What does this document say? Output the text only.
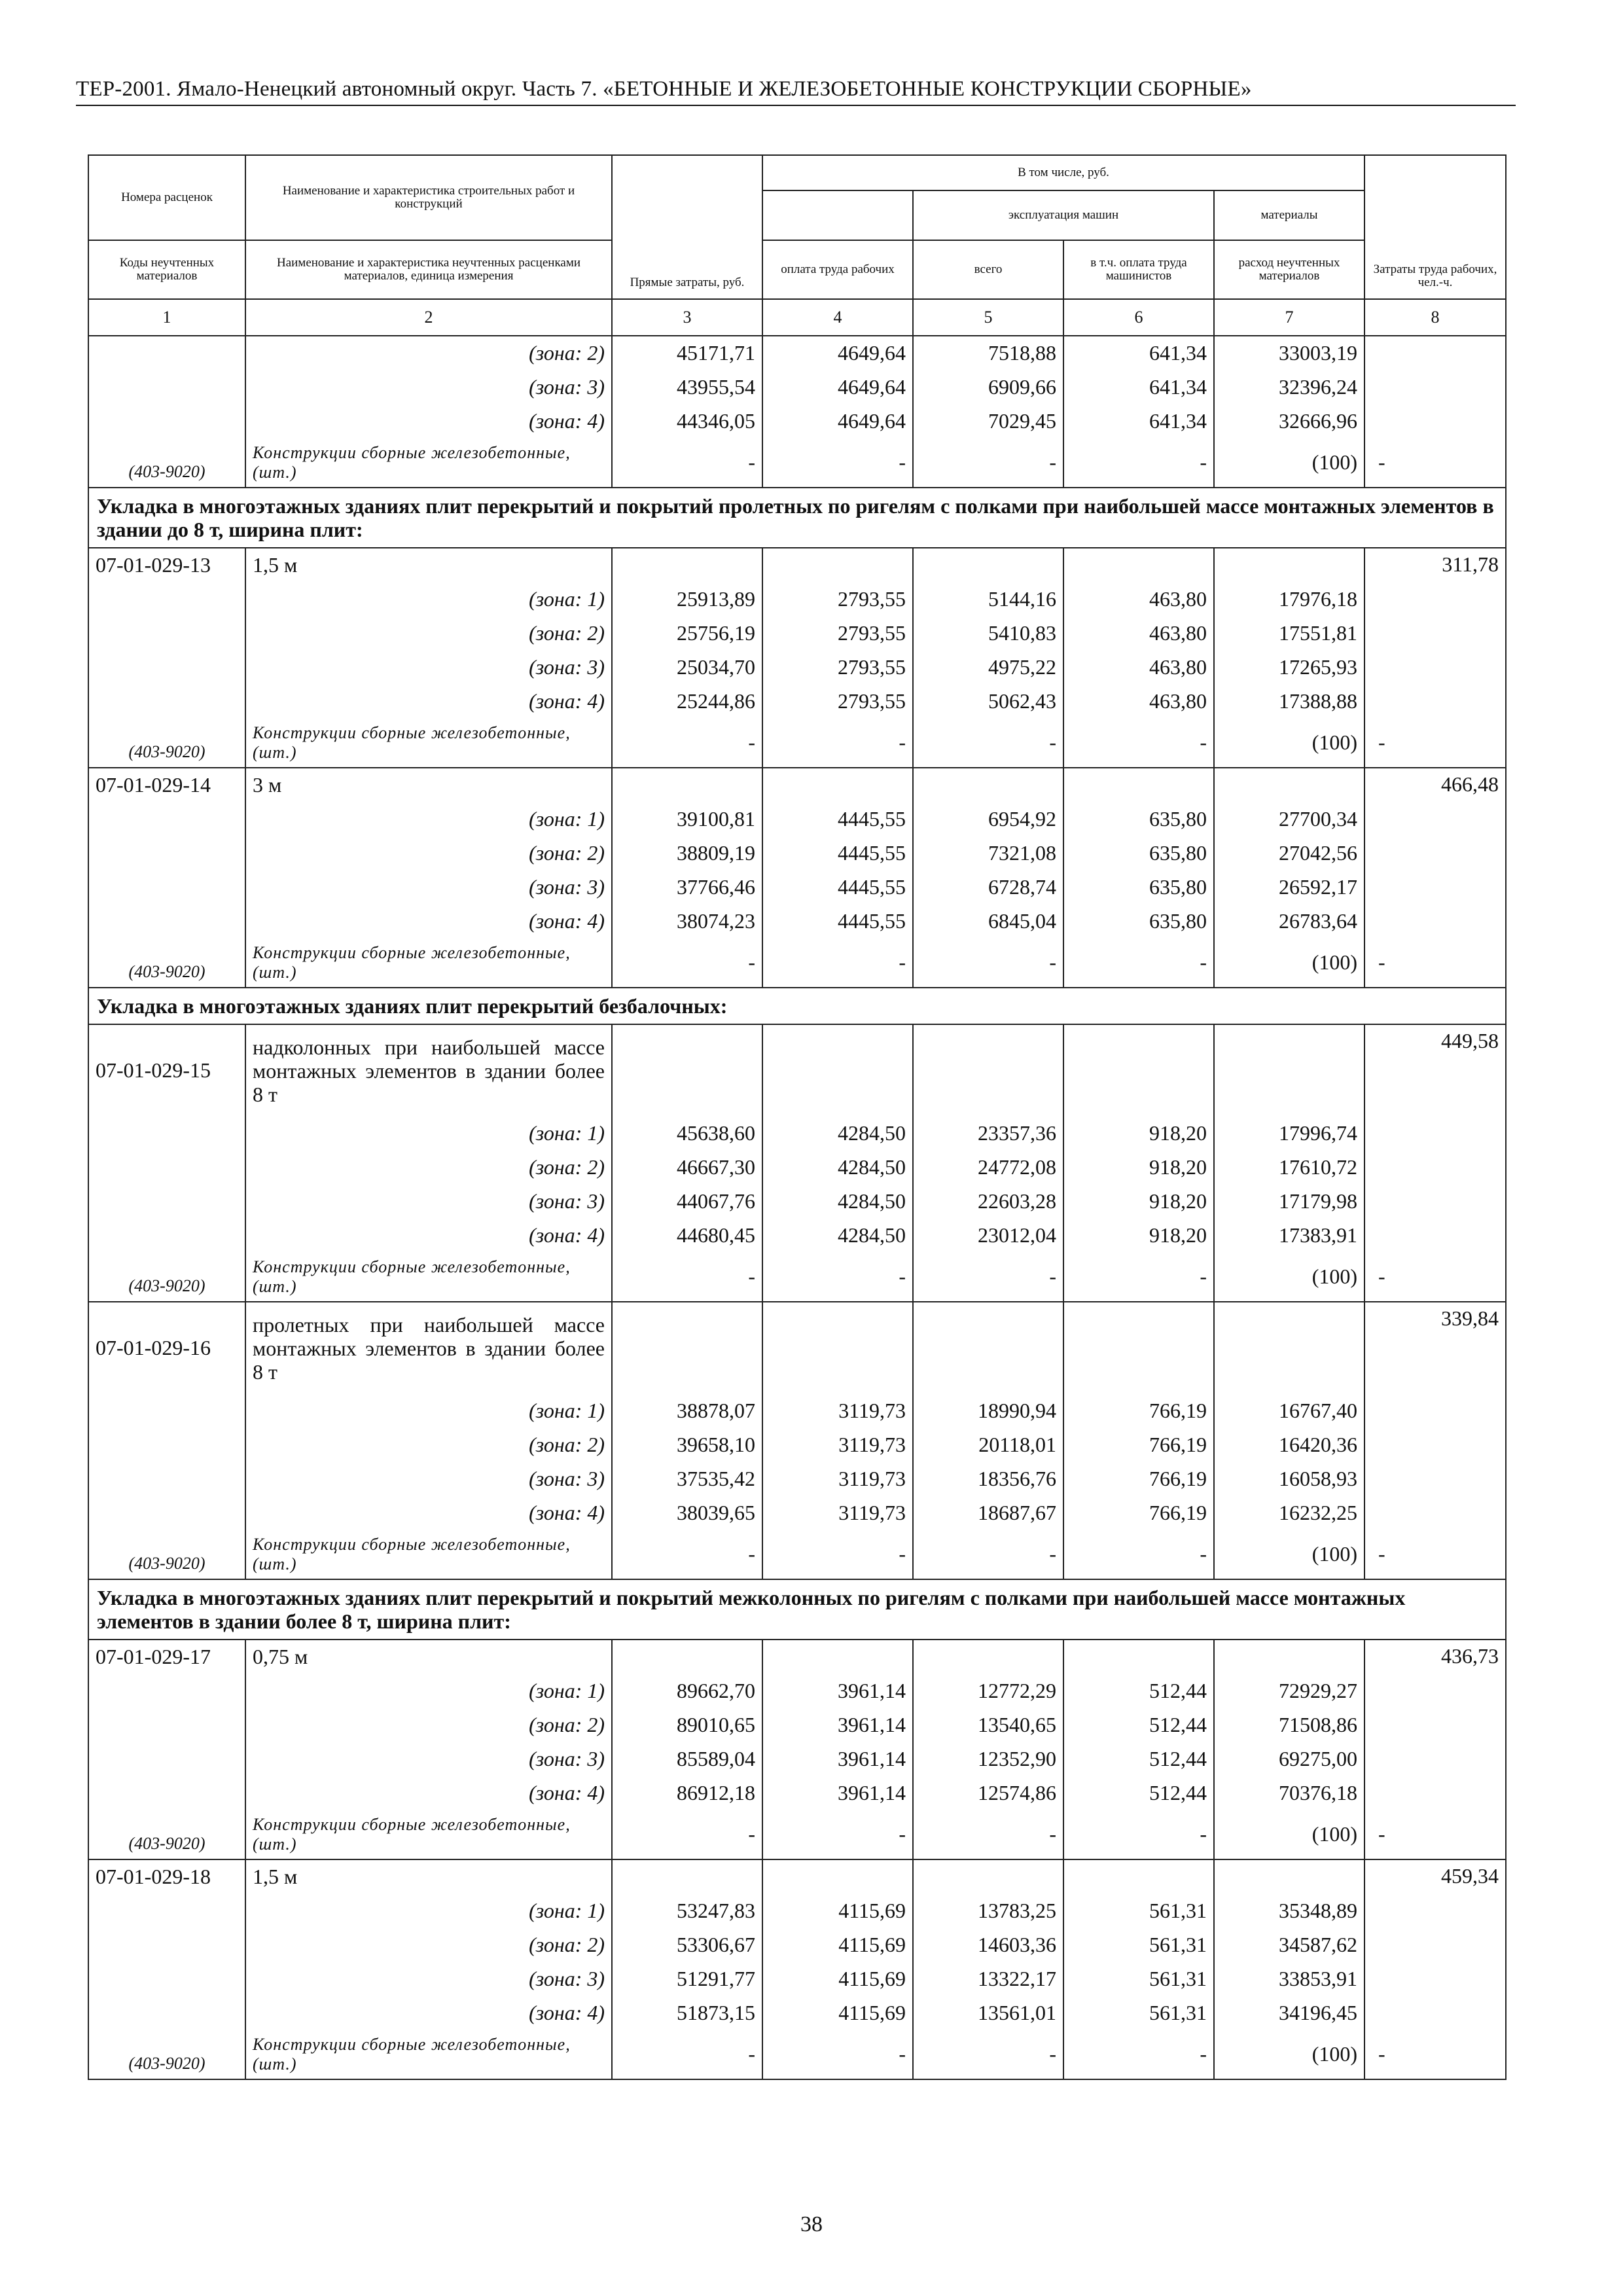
ТЕР-2001. Ямало-Ненецкий автономный округ. Часть 7. «БЕТОННЫЕ И ЖЕЛЕЗОБЕТОННЫЕ КОНСТРУКЦИИ СБОРНЫЕ»
Номера расценок	Наименование и характеристика строительных работ и конструкций	Прямые затраты, руб.	В том числе, руб.				Затраты труда рабочих, чел.-ч.
				эксплуатация машин		материалы	
Коды неучтенных материалов	Наименование и характеристика неучтенных расценками материалов, единица измерения		оплата труда рабочих	всего	в т.ч. оплата труда машинистов	расход неучтенных материалов	
1	2	3	4	5	6	7	8
	(зона: 2)	45171,71	4649,64	7518,88	641,34	33003,19	
	(зона: 3)	43955,54	4649,64	6909,66	641,34	32396,24	
	(зона: 4)	44346,05	4649,64	7029,45	641,34	32666,96	
(403-9020)	Конструкции сборные железобетонные, (шт.)	-	-	-	-	(100)	-
Укладка в многоэтажных зданиях плит перекрытий и покрытий пролетных по ригелям с полками при наибольшей массе монтажных элементов в здании до 8 т, ширина плит:							
07-01-029-13	1,5 м						311,78
	(зона: 1)	25913,89	2793,55	5144,16	463,80	17976,18	
	(зона: 2)	25756,19	2793,55	5410,83	463,80	17551,81	
	(зона: 3)	25034,70	2793,55	4975,22	463,80	17265,93	
	(зона: 4)	25244,86	2793,55	5062,43	463,80	17388,88	
(403-9020)	Конструкции сборные железобетонные, (шт.)	-	-	-	-	(100)	-
07-01-029-14	3 м						466,48
	(зона: 1)	39100,81	4445,55	6954,92	635,80	27700,34	
	(зона: 2)	38809,19	4445,55	7321,08	635,80	27042,56	
	(зона: 3)	37766,46	4445,55	6728,74	635,80	26592,17	
	(зона: 4)	38074,23	4445,55	6845,04	635,80	26783,64	
(403-9020)	Конструкции сборные железобетонные, (шт.)	-	-	-	-	(100)	-
Укладка в многоэтажных зданиях плит перекрытий безбалочных:							
07-01-029-15	надколонных при наибольшей массе монтажных элементов в здании более 8 т						449,58
	(зона: 1)	45638,60	4284,50	23357,36	918,20	17996,74	
	(зона: 2)	46667,30	4284,50	24772,08	918,20	17610,72	
	(зона: 3)	44067,76	4284,50	22603,28	918,20	17179,98	
	(зона: 4)	44680,45	4284,50	23012,04	918,20	17383,91	
(403-9020)	Конструкции сборные железобетонные, (шт.)	-	-	-	-	(100)	-
07-01-029-16	пролетных при наибольшей массе монтажных элементов в здании более 8 т						339,84
	(зона: 1)	38878,07	3119,73	18990,94	766,19	16767,40	
	(зона: 2)	39658,10	3119,73	20118,01	766,19	16420,36	
	(зона: 3)	37535,42	3119,73	18356,76	766,19	16058,93	
	(зона: 4)	38039,65	3119,73	18687,67	766,19	16232,25	
(403-9020)	Конструкции сборные железобетонные, (шт.)	-	-	-	-	(100)	-
Укладка в многоэтажных зданиях плит перекрытий и покрытий межколонных по ригелям с полками при наибольшей массе монтажных элементов в здании более 8 т, ширина плит:							
07-01-029-17	0,75 м						436,73
	(зона: 1)	89662,70	3961,14	12772,29	512,44	72929,27	
	(зона: 2)	89010,65	3961,14	13540,65	512,44	71508,86	
	(зона: 3)	85589,04	3961,14	12352,90	512,44	69275,00	
	(зона: 4)	86912,18	3961,14	12574,86	512,44	70376,18	
(403-9020)	Конструкции сборные железобетонные, (шт.)	-	-	-	-	(100)	-
07-01-029-18	1,5 м						459,34
	(зона: 1)	53247,83	4115,69	13783,25	561,31	35348,89	
	(зона: 2)	53306,67	4115,69	14603,36	561,31	34587,62	
	(зона: 3)	51291,77	4115,69	13322,17	561,31	33853,91	
	(зона: 4)	51873,15	4115,69	13561,01	561,31	34196,45	
(403-9020)	Конструкции сборные железобетонные, (шт.)	-	-	-	-	(100)	-
38
